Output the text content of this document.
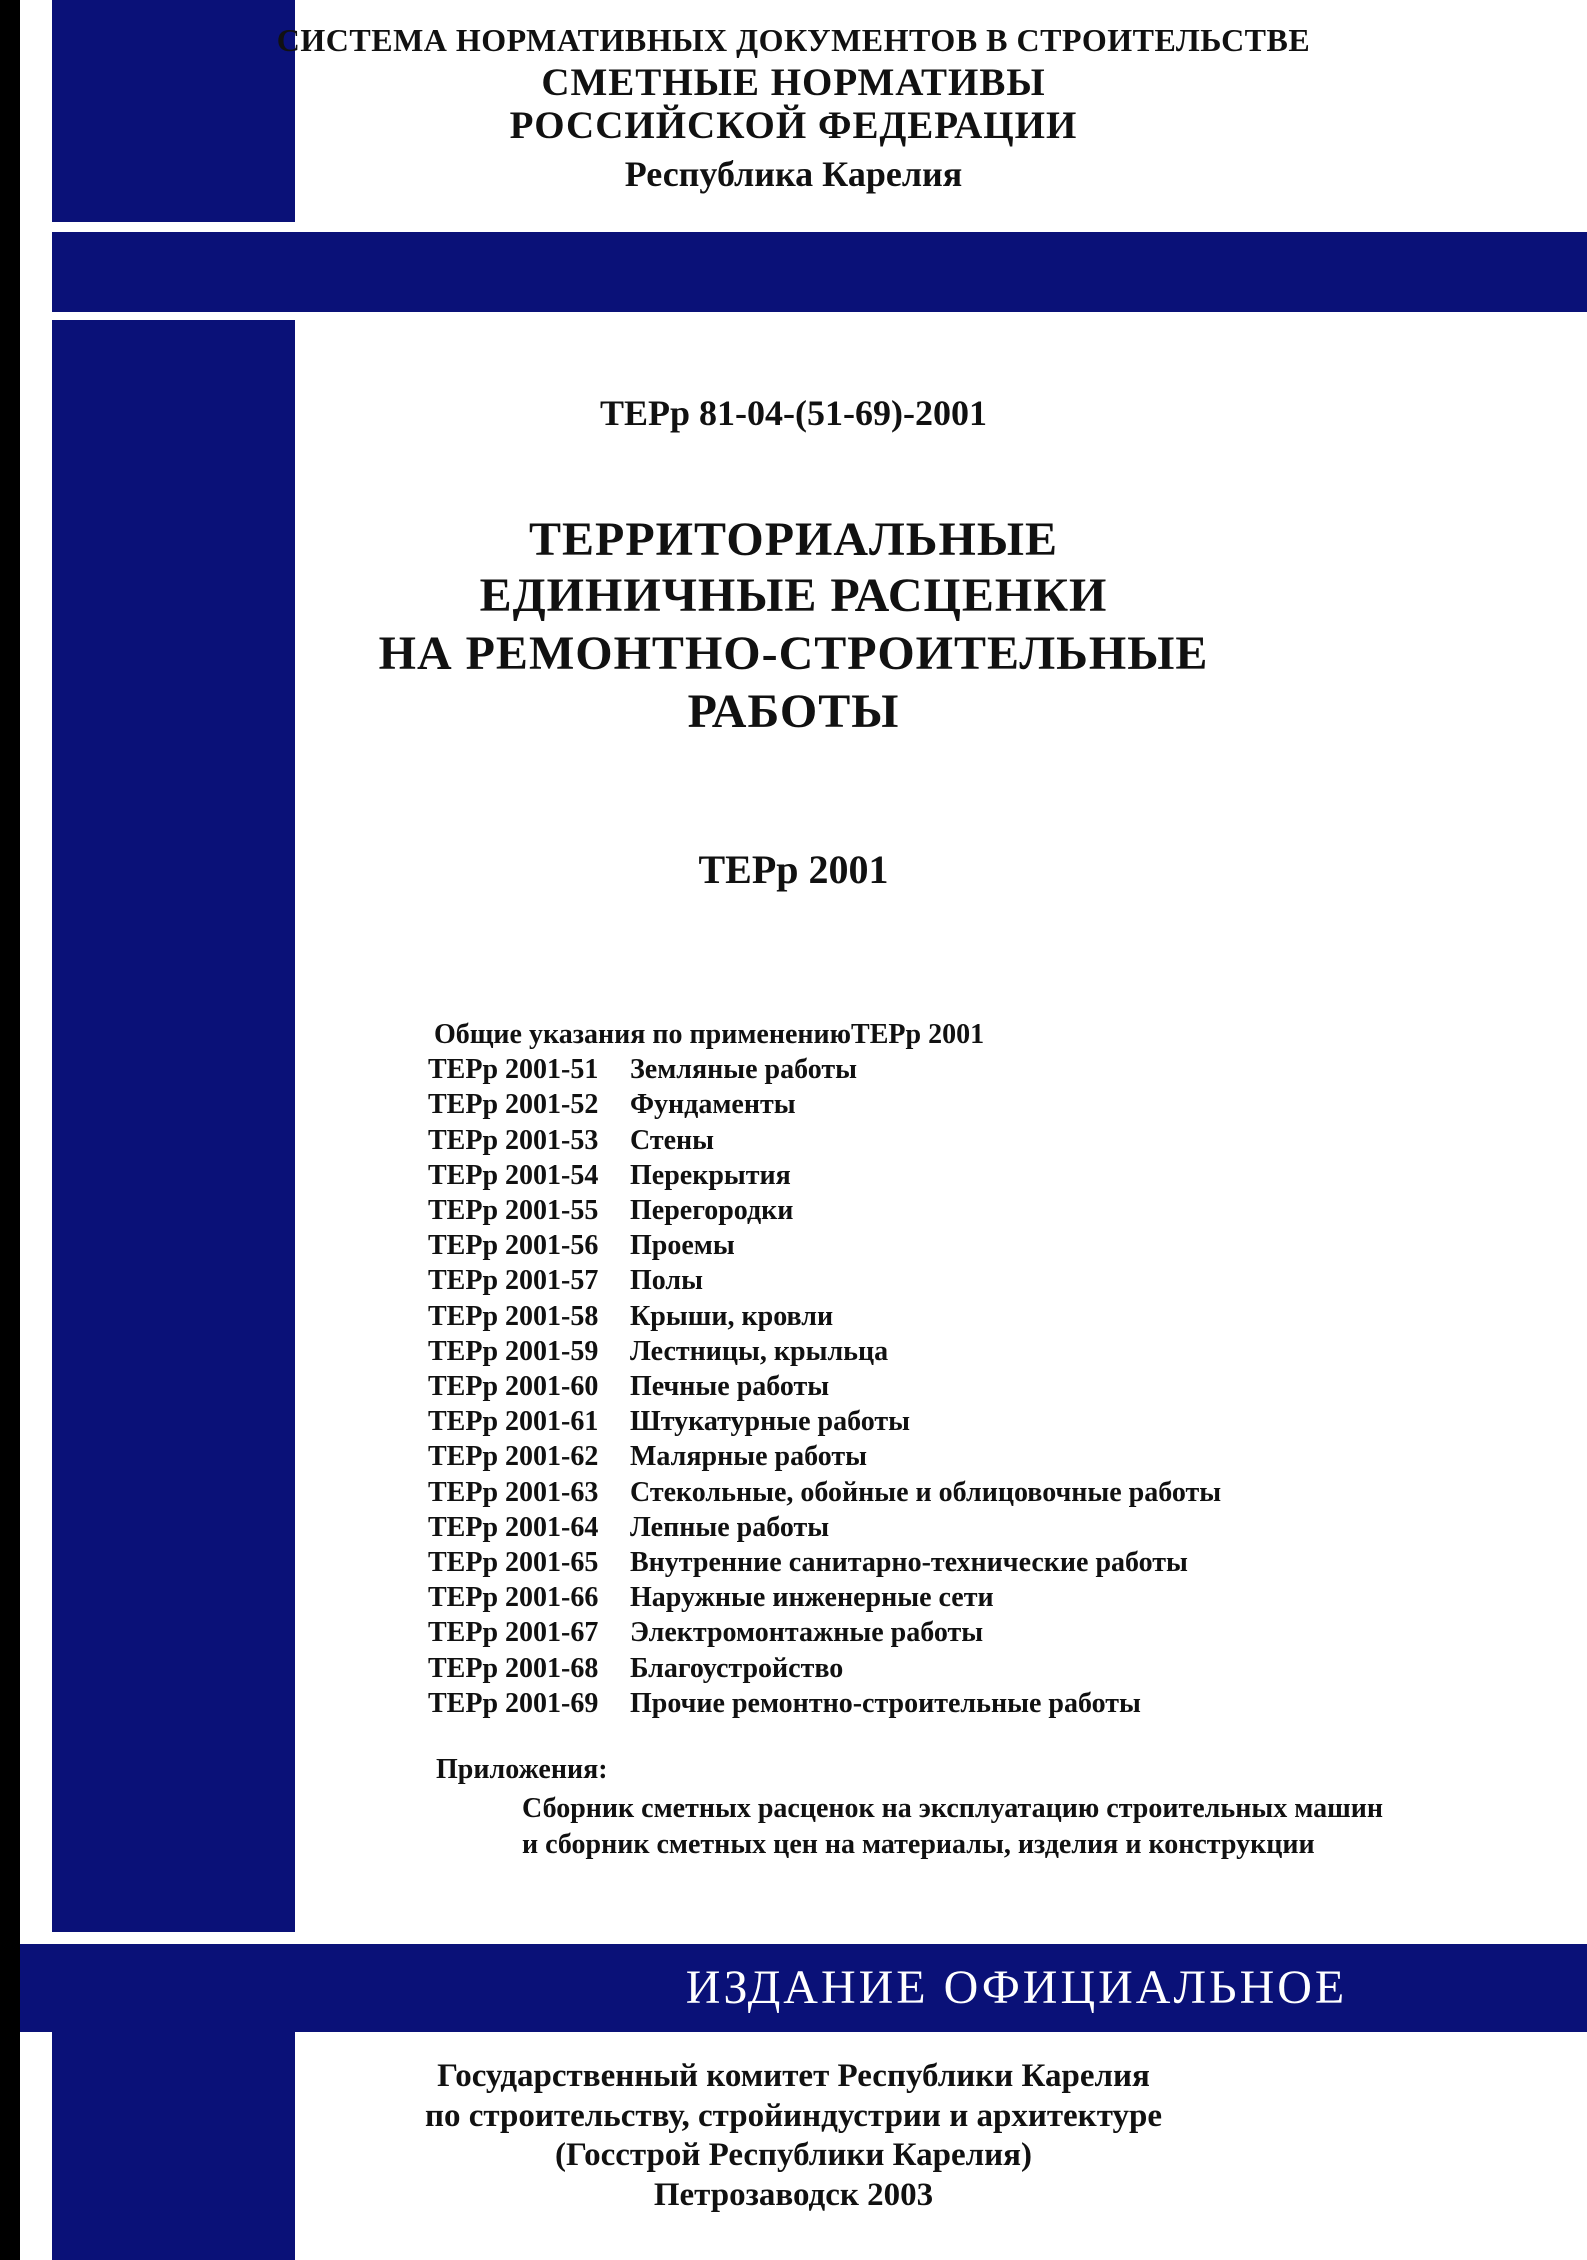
СИСТЕМА НОРМАТИВНЫХ ДОКУМЕНТОВ В СТРОИТЕЛЬСТВЕ
СМЕТНЫЕ НОРМАТИВЫ
РОССИЙСКОЙ ФЕДЕРАЦИИ
Республика Карелия
ТЕРр 81-04-(51-69)-2001
ТЕРРИТОРИАЛЬНЫЕ
ЕДИНИЧНЫЕ РАСЦЕНКИ
НА РЕМОНТНО-СТРОИТЕЛЬНЫЕ
РАБОТЫ
ТЕРр 2001
Общие указания по применениюТЕРр 2001
ТЕРр 2001-51 Земляные работы
ТЕРр 2001-52 Фундаменты
ТЕРр 2001-53 Стены
ТЕРр 2001-54 Перекрытия
ТЕРр 2001-55 Перегородки
ТЕРр 2001-56 Проемы
ТЕРр 2001-57 Полы
ТЕРр 2001-58 Крыши, кровли
ТЕРр 2001-59 Лестницы, крыльца
ТЕРр 2001-60 Печные работы
ТЕРр 2001-61 Штукатурные работы
ТЕРр 2001-62 Малярные работы
ТЕРр 2001-63 Стекольные, обойные и облицовочные работы
ТЕРр 2001-64 Лепные работы
ТЕРр 2001-65 Внутренние санитарно-технические работы
ТЕРр 2001-66 Наружные инженерные сети
ТЕРр 2001-67 Электромонтажные работы
ТЕРр 2001-68 Благоустройство
ТЕРр 2001-69 Прочие ремонтно-строительные работы
Приложения:
Сборник сметных расценок на эксплуатацию строительных машин
и сборник сметных цен на материалы, изделия и конструкции
ИЗДАНИЕ ОФИЦИАЛЬНОЕ
Государственный комитет Республики Карелия
по строительству, стройиндустрии и архитектуре
(Госстрой Республики Карелия)
Петрозаводск 2003
